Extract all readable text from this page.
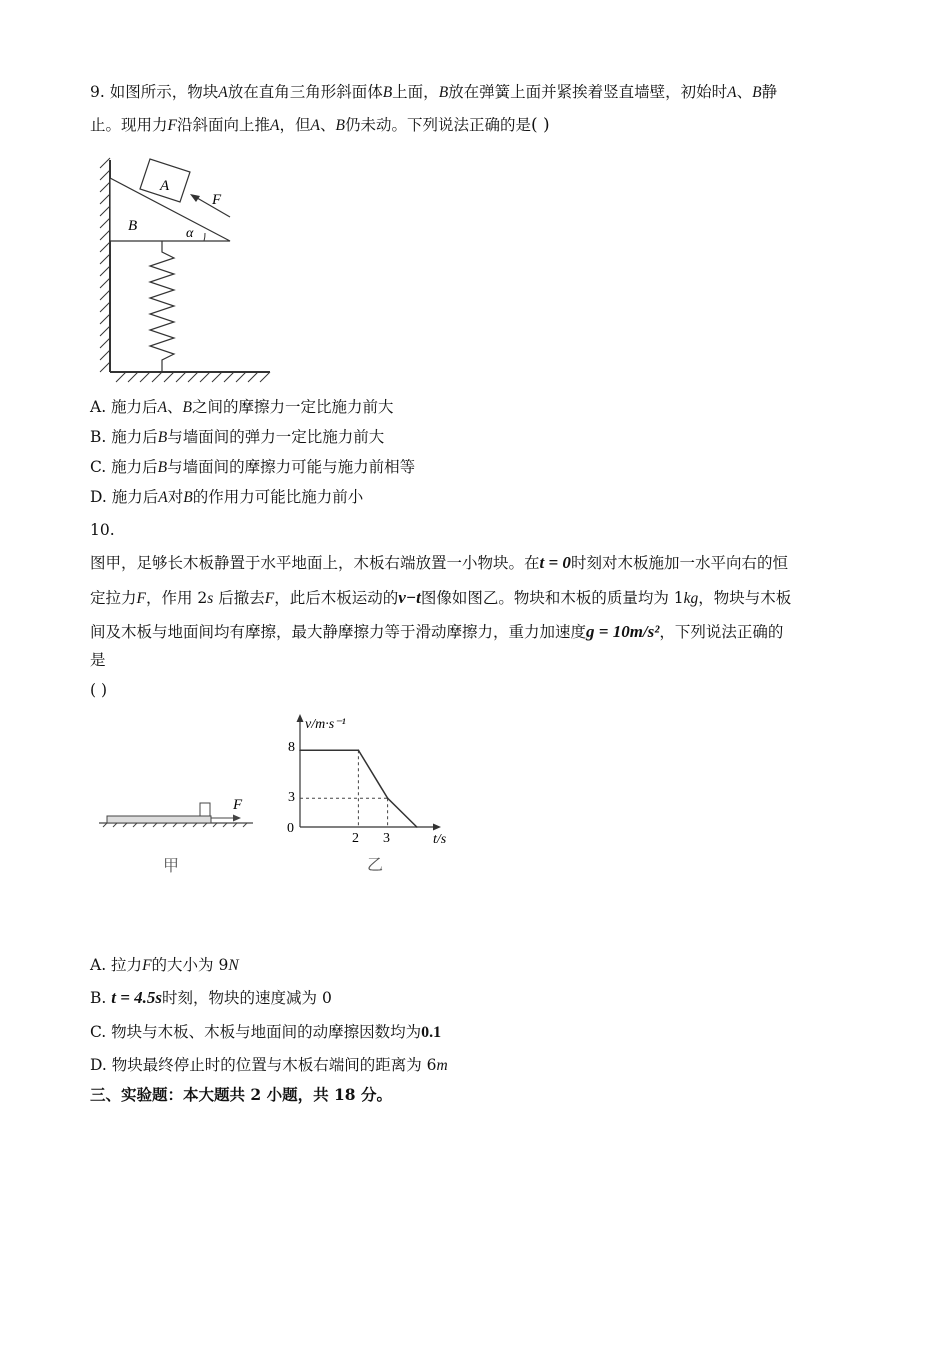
9. 如图所示，物块A放在直角三角形斜面体B上面，B放在弹簧上面并紧挨着竖直墙壁，初始时A、B静
止。现用力F沿斜面向上推A，但A、B仍未动。下列说法正确的是( )
A
B
F
α
A. 施力后A、B之间的摩擦力一定比施力前大
B. 施力后B与墙面间的弹力一定比施力前大
C. 施力后B与墙面间的摩擦力可能与施力前相等
D. 施力后A对B的作用力可能比施力前小
10.
图甲，足够长木板静置于水平地面上，木板右端放置一小物块。在t = 0时刻对木板施加一水平向右的恒
定拉力F，作用 2s 后撤去F，此后木板运动的v−t图像如图乙。物块和木板的质量均为 1kg，物块与木板
间及木板与地面间均有摩擦，最大静摩擦力等于滑动摩擦力，重力加速度g = 10m/s²，下列说法正确的
是
( )
F
甲
v/m·s⁻¹
t/s
0
8
3
2 3
乙
A. 拉力F的大小为 9N
B. t = 4.5s时刻，物块的速度减为 0
C. 物块与木板、木板与地面间的动摩擦因数均为0.1
D. 物块最终停止时的位置与木板右端间的距离为 6m
三、实验题：本大题共 2 小题，共 18 分。
